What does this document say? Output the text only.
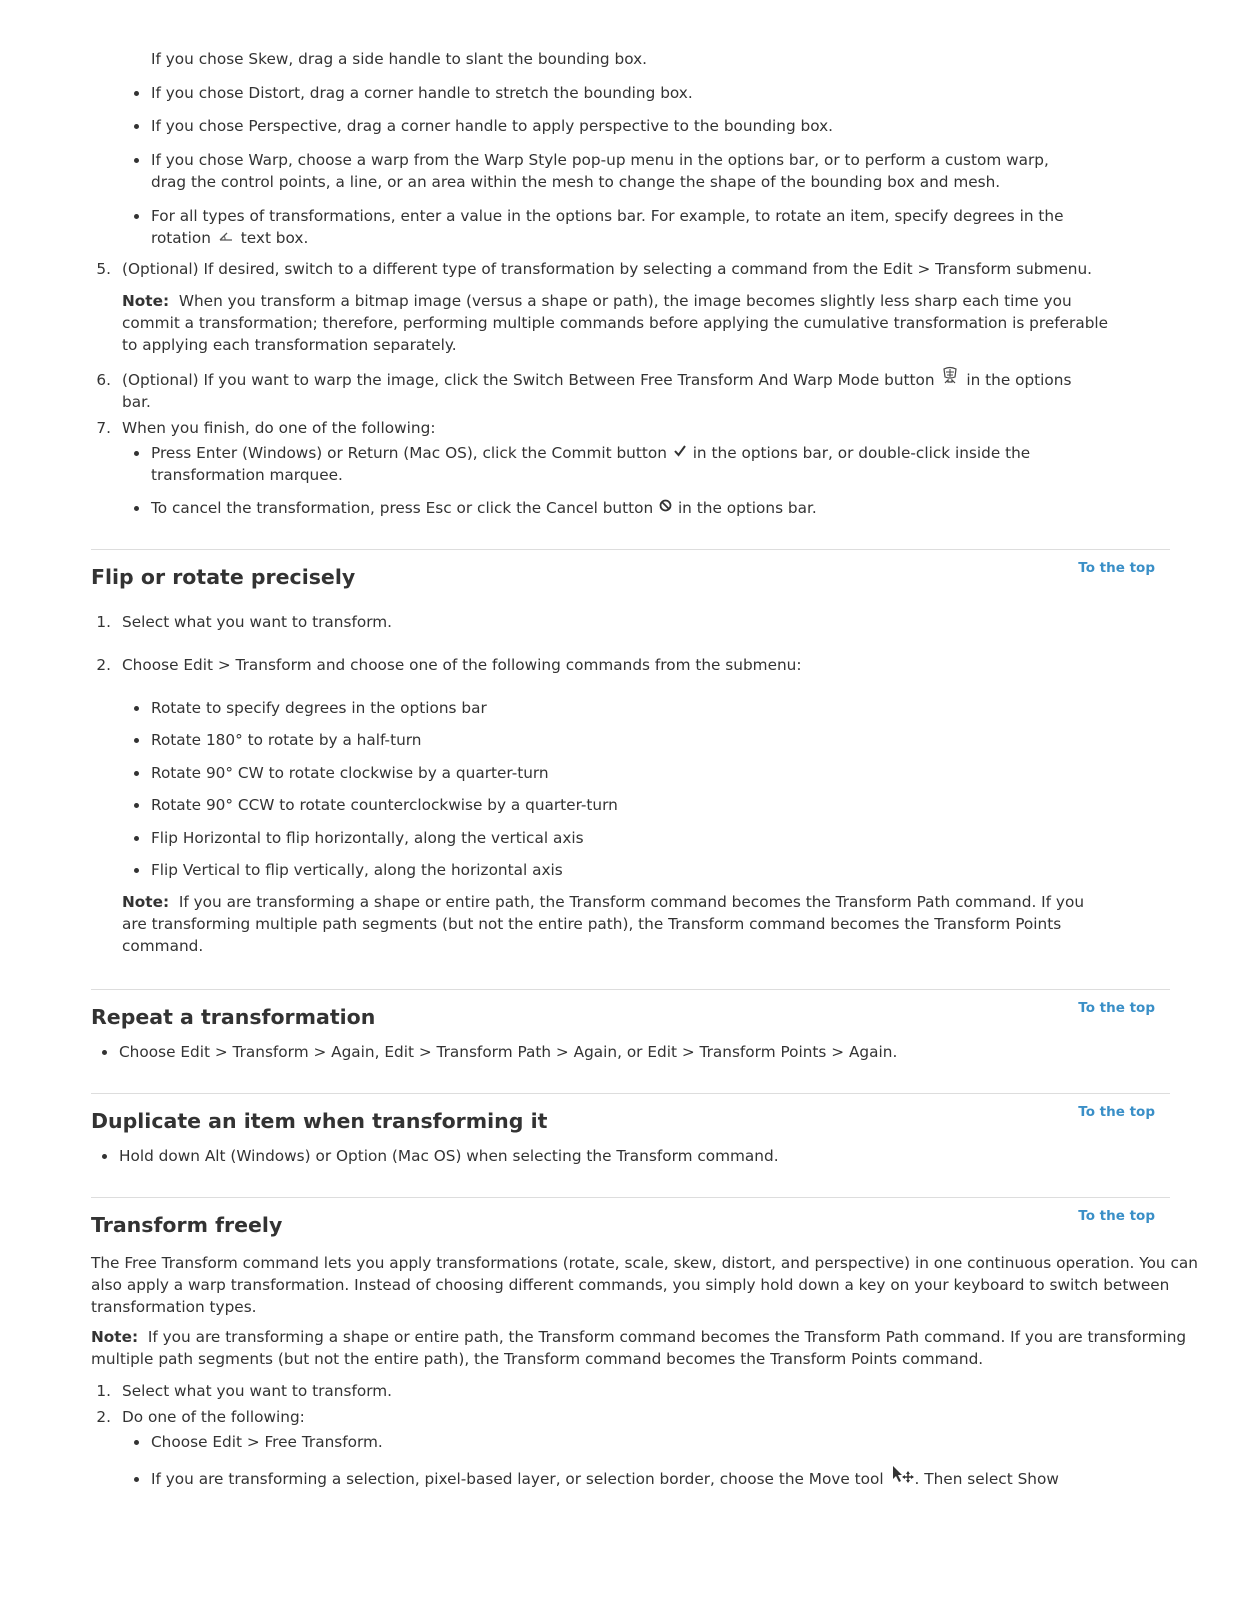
If you chose Skew, drag a side handle to slant the bounding box.
If you chose Distort, drag a corner handle to stretch the bounding box.
If you chose Perspective, drag a corner handle to apply perspective to the bounding box.
If you chose Warp, choose a warp from the Warp Style pop-up menu in the options bar, or to perform a custom warp,
drag the control points, a line, or an area within the mesh to change the shape of the bounding box and mesh.
For all types of transformations, enter a value in the options bar. For example, to rotate an item, specify degrees in the
rotation text box.
5. (Optional) If desired, switch to a different type of transformation by selecting a command from the Edit > Transform submenu.
Note: When you transform a bitmap image (versus a shape or path), the image becomes slightly less sharp each time you
commit a transformation; therefore, performing multiple commands before applying the cumulative transformation is preferable
to applying each transformation separately.
6. (Optional) If you want to warp the image, click the Switch Between Free Transform And Warp Mode button in the options
bar.
7. When you finish, do one of the following:
Press Enter (Windows) or Return (Mac OS), click the Commit button in the options bar, or double-click inside the
transformation marquee.
To cancel the transformation, press Esc or click the Cancel button in the options bar.
Flip or rotate precisely	To the top
1. Select what you want to transform.
2. Choose Edit > Transform and choose one of the following commands from the submenu:
Rotate to specify degrees in the options bar
Rotate 180° to rotate by a half-turn
Rotate 90° CW to rotate clockwise by a quarter-turn
Rotate 90° CCW to rotate counterclockwise by a quarter-turn
Flip Horizontal to flip horizontally, along the vertical axis
Flip Vertical to flip vertically, along the horizontal axis
Note: If you are transforming a shape or entire path, the Transform command becomes the Transform Path command. If you
are transforming multiple path segments (but not the entire path), the Transform command becomes the Transform Points
command.
Repeat a transformation	To the top
Choose Edit > Transform > Again, Edit > Transform Path > Again, or Edit > Transform Points > Again.
Duplicate an item when transforming it	To the top
Hold down Alt (Windows) or Option (Mac OS) when selecting the Transform command.
Transform freely	To the top
The Free Transform command lets you apply transformations (rotate, scale, skew, distort, and perspective) in one continuous operation. You can
also apply a warp transformation. Instead of choosing different commands, you simply hold down a key on your keyboard to switch between
transformation types.
Note: If you are transforming a shape or entire path, the Transform command becomes the Transform Path command. If you are transforming
multiple path segments (but not the entire path), the Transform command becomes the Transform Points command.
1. Select what you want to transform.
2. Do one of the following:
Choose Edit > Free Transform.
If you are transforming a selection, pixel-based layer, or selection border, choose the Move tool . Then select Show
